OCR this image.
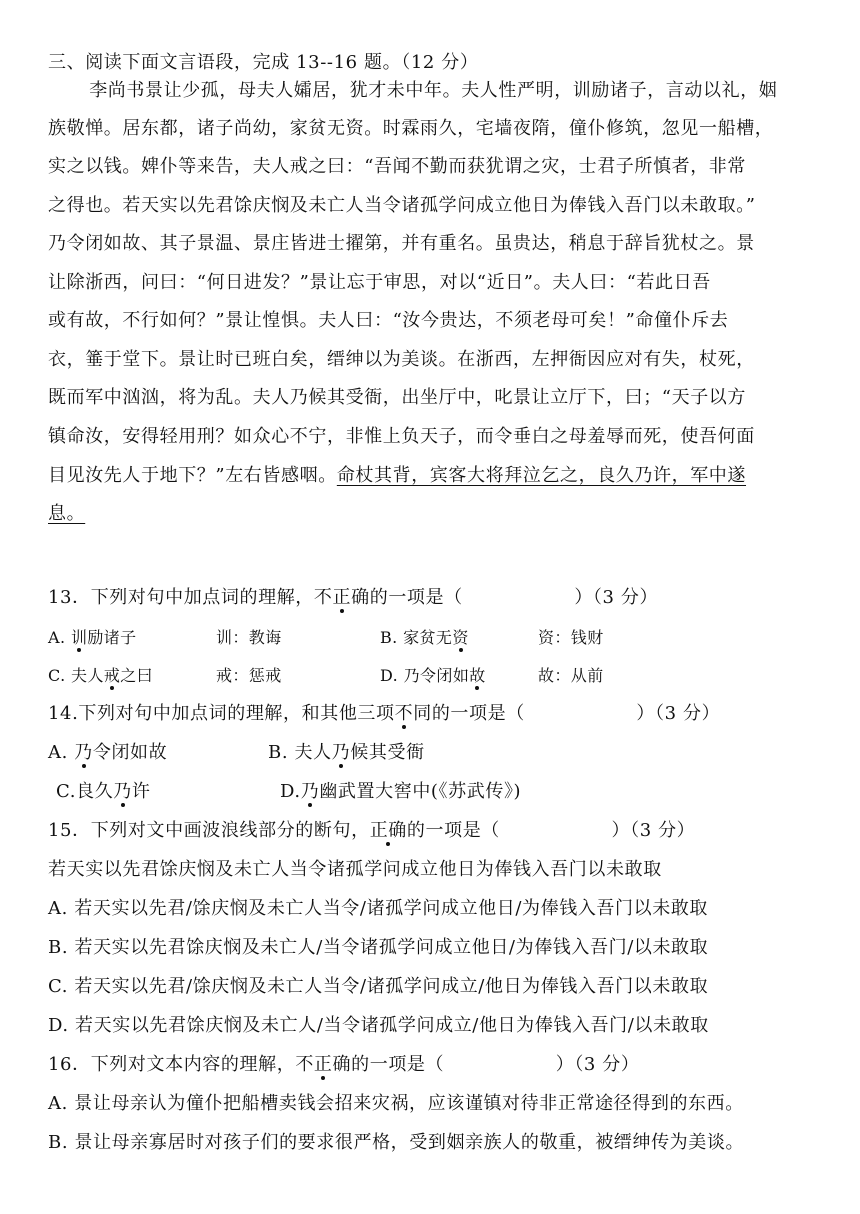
三、阅读下面文言语段，完成 13--16 题。（12 分）
　　李尚书景让少孤，母夫人孀居，犹才未中年。夫人性严明，训励诸子，言动以礼，姻
族敬惮。居东都，诸子尚幼，家贫无资。时霖雨久，宅墙夜隋，僮仆修筑，忽见一船槽，
实之以钱。婢仆等来告，夫人戒之曰：“吾闻不勤而获犹谓之灾，士君子所慎者，非常
之得也。若天实以先君馀庆悯及未亡人当令诸孤学问成立他日为俸钱入吾门以未敢取。”
乃令闭如故、其子景温、景庄皆进士擢第，并有重名。虽贵达，稍息于辞旨犹杖之。景
让除浙西，问曰：“何日进发？”景让忘于审思，对以“近日”。夫人曰：“若此日吾
或有故，不行如何？”景让惶惧。夫人曰：“汝今贵达，不须老母可矣！”命僮仆斥去
衣，箠于堂下。景让时已班白矣，缙绅以为美谈。在浙西，左押衙因应对有失，杖死，
既而军中汹汹，将为乱。夫人乃候其受衙，出坐厅中，叱景让立厅下，曰；“天子以方
镇命汝，安得轻用刑？如众心不宁，非惟上负天子，而令垂白之母羞辱而死，使吾何面
目见汝先人于地下？”左右皆感咽。命杖其背，宾客大将拜泣乞之，良久乃许，军中遂
息。
13．下列对句中加点词的理解，不正确的一项是（　　　　　　）（3 分）
A. 训励诸子	训：教诲	B. 家贫无资	资：钱财
C. 夫人戒之曰	戒：惩戒	D. 乃令闭如故	故：从前
14.下列对句中加点词的理解，和其他三项不同的一项是（　　　　　　）（3 分）
A. 乃令闭如故	B. 夫人乃候其受衙
C.良久乃许	D.乃幽武置大窖中(《苏武传》)
15．下列对文中画波浪线部分的断句，正确的一项是（　　　　　　）（3 分）
若天实以先君馀庆悯及未亡人当令诸孤学问成立他日为俸钱入吾门以未敢取
A. 若天实以先君/馀庆悯及未亡人当令/诸孤学问成立他日/为俸钱入吾门以未敢取
B. 若天实以先君馀庆悯及未亡人/当令诸孤学问成立他日/为俸钱入吾门/以未敢取
C. 若天实以先君/馀庆悯及未亡人当令/诸孤学问成立/他日为俸钱入吾门以未敢取
D. 若天实以先君馀庆悯及未亡人/当令诸孤学问成立/他日为俸钱入吾门/以未敢取
16．下列对文本内容的理解，不正确的一项是（　　　　　　）（3 分）
A. 景让母亲认为僮仆把船槽卖钱会招来灾祸，应该谨镇对待非正常途径得到的东西。
B. 景让母亲寡居时对孩子们的要求很严格，受到姻亲族人的敬重，被缙绅传为美谈。
